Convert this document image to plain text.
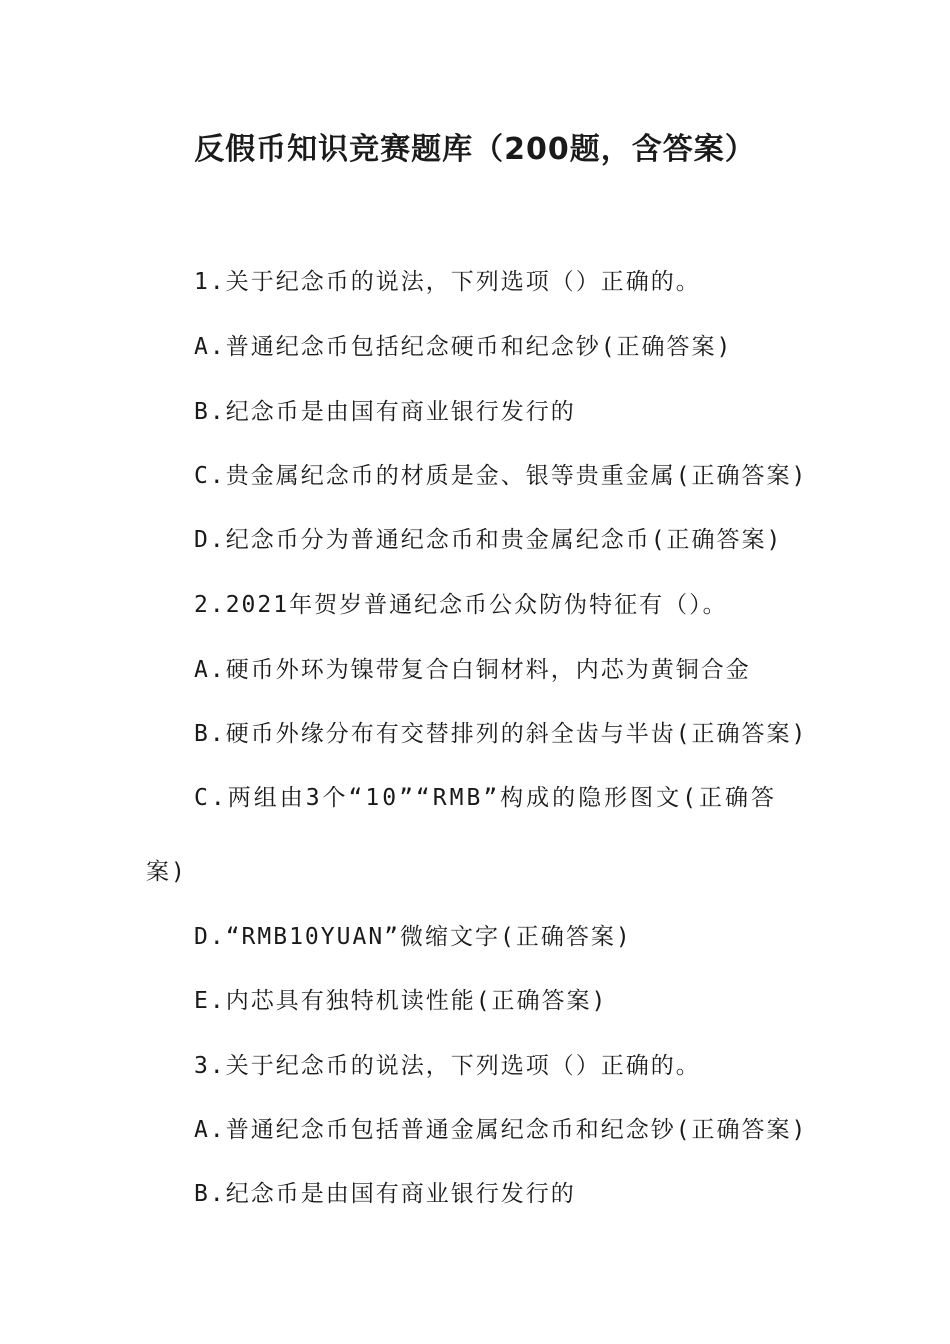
反假币知识竞赛题库（200题，含答案）
1.关于纪念币的说法，下列选项（）正确的。
A.普通纪念币包括纪念硬币和纪念钞(正确答案)
B.纪念币是由国有商业银行发行的
C.贵金属纪念币的材质是金、银等贵重金属(正确答案)
D.纪念币分为普通纪念币和贵金属纪念币(正确答案)
2.2021年贺岁普通纪念币公众防伪特征有（）。
A.硬币外环为镍带复合白铜材料，内芯为黄铜合金
B.硬币外缘分布有交替排列的斜全齿与半齿(正确答案)
C.两组由3个“10”“RMB”构成的隐形图文(正确答
案)
D.“RMB10YUAN”微缩文字(正确答案)
E.内芯具有独特机读性能(正确答案)
3.关于纪念币的说法，下列选项（）正确的。
A.普通纪念币包括普通金属纪念币和纪念钞(正确答案)
B.纪念币是由国有商业银行发行的
